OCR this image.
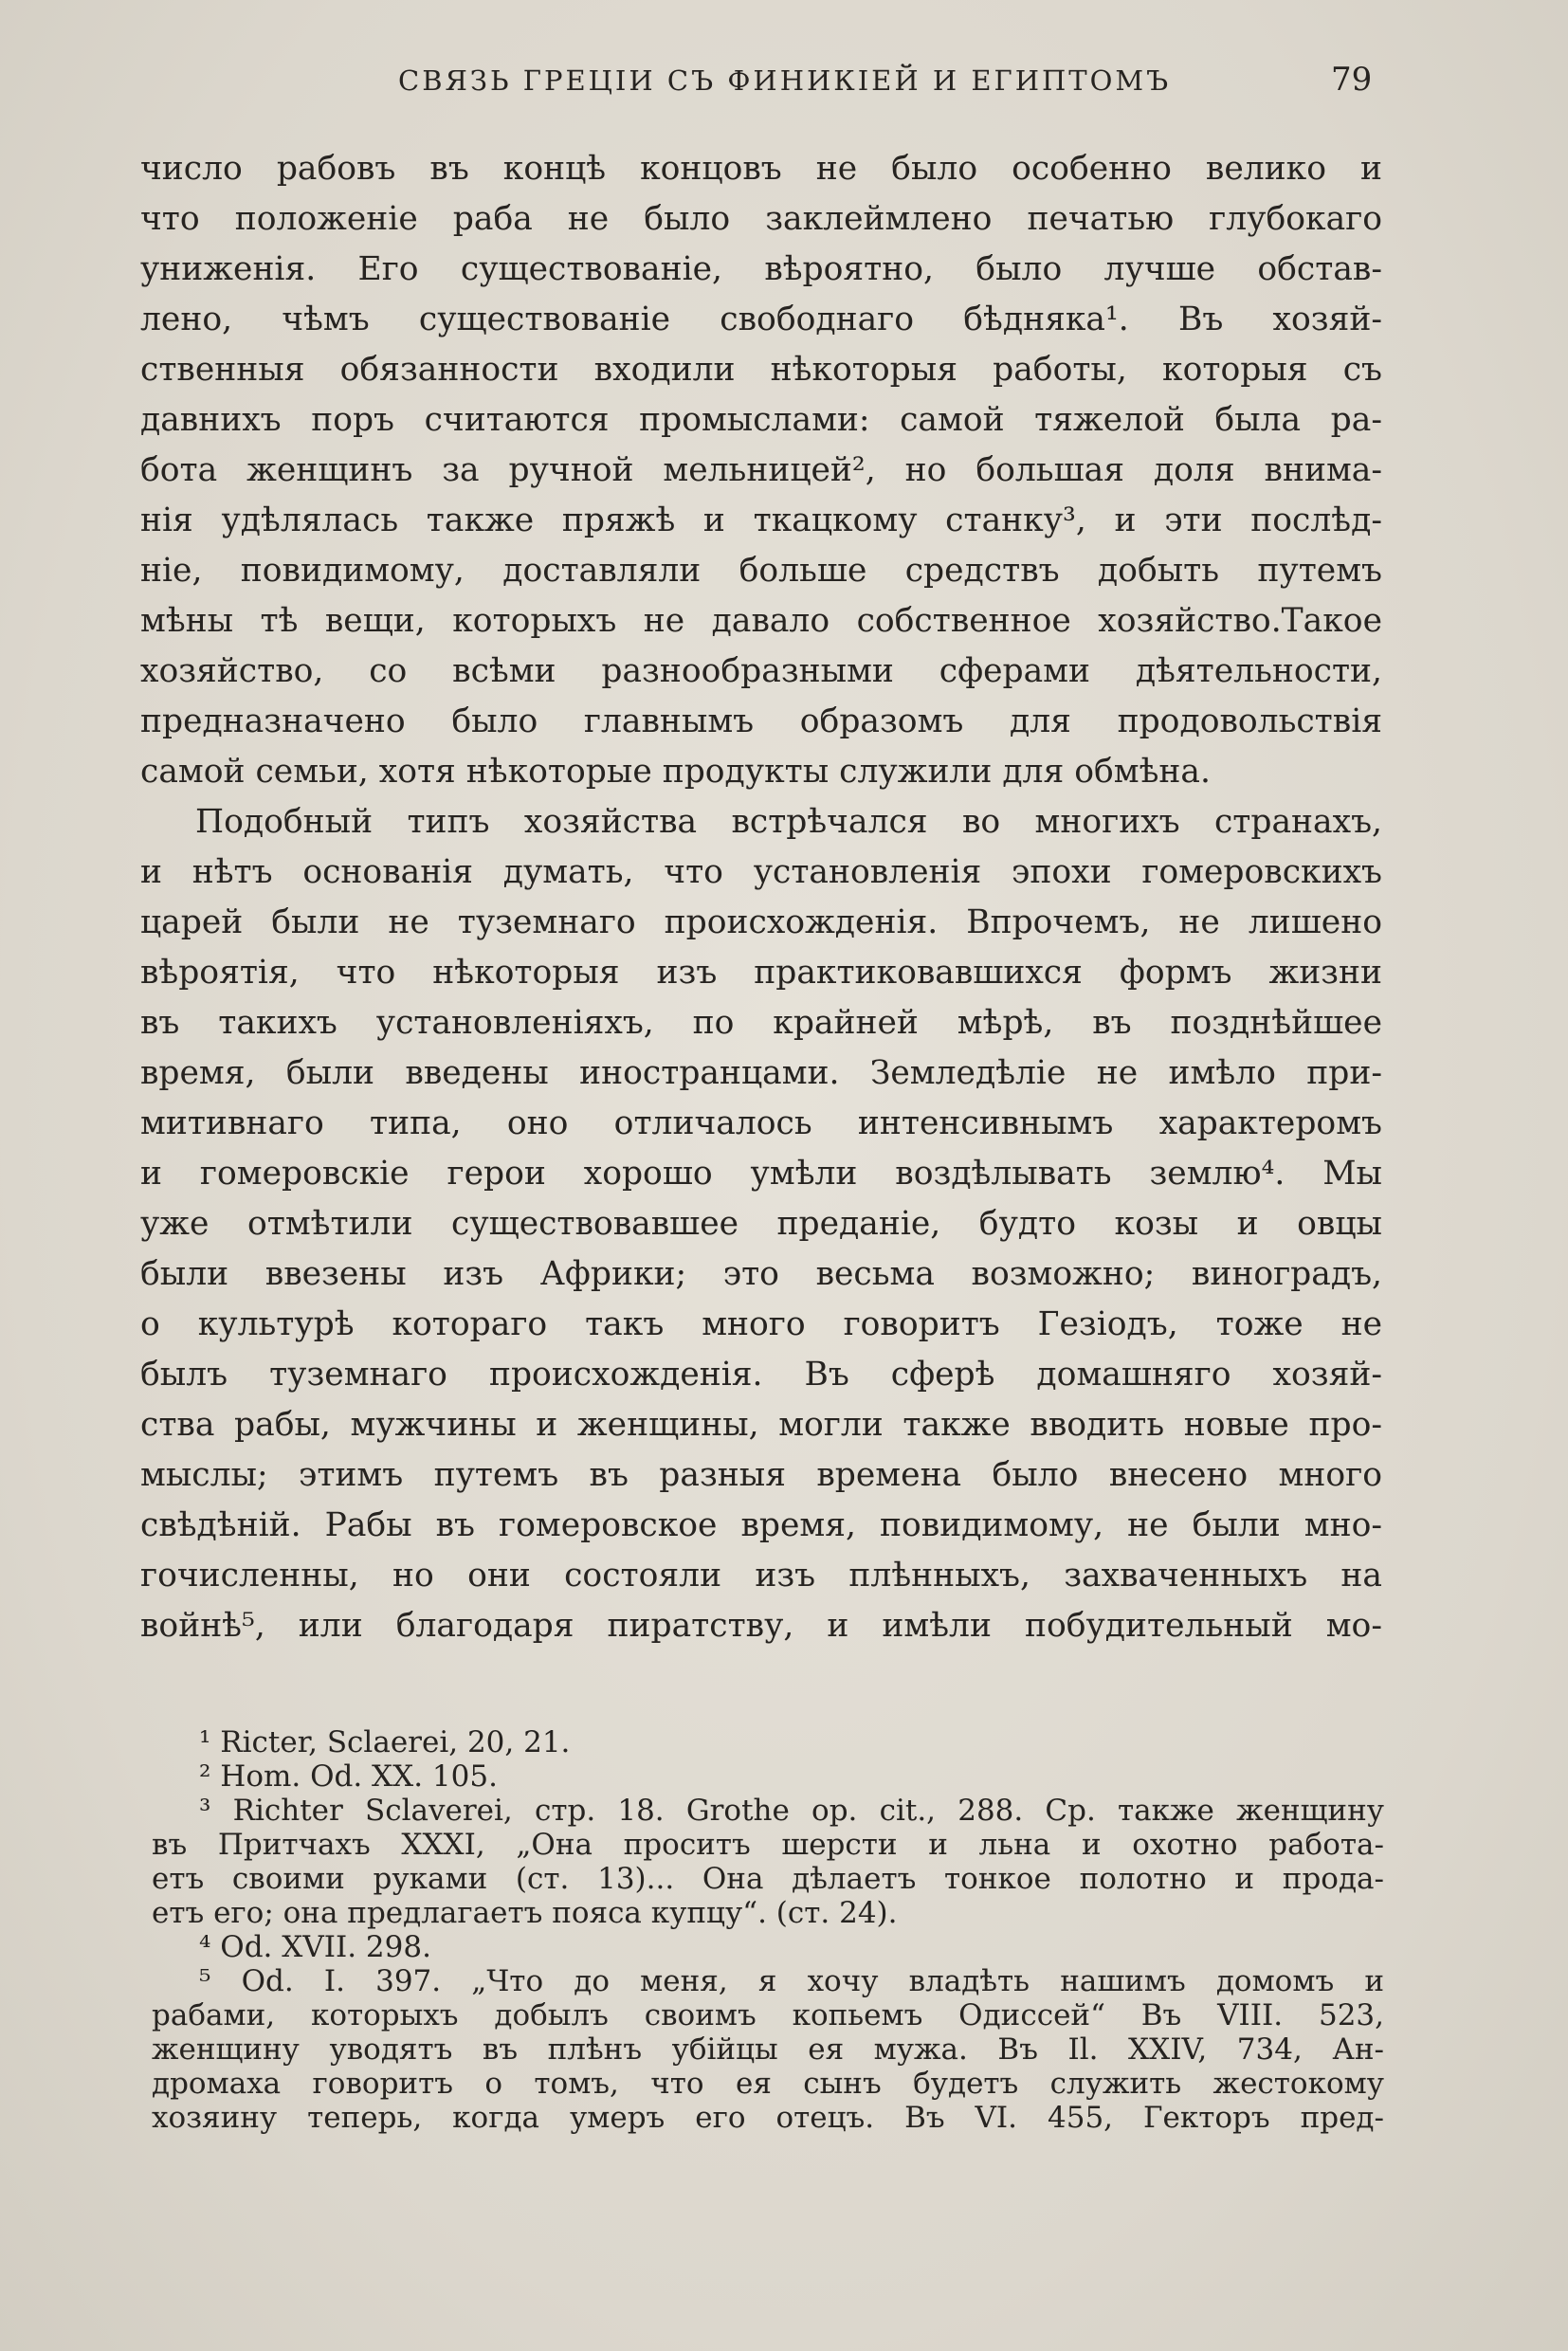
СВЯЗЬ ГРЕЦІИ СЪ ФИНИКІЕЙ И ЕГИПТОМЪ	79
число рабовъ въ концѣ концовъ не было особенно велико и
что положеніе раба не было заклеймлено печатью глубокаго
униженія. Его существованіе, вѣроятно, было лучше обстав-
лено, чѣмъ существованіе свободнаго бѣдняка¹. Въ хозяй-
ственныя обязанности входили нѣкоторыя работы, которыя съ
давнихъ поръ считаются промыслами: самой тяжелой была ра-
бота женщинъ за ручной мельницей², но большая доля внима-
нія удѣлялась также пряжѣ и ткацкому станку³, и эти послѣд-
ніе, повидимому, доставляли больше средствъ добыть путемъ
мѣны тѣ вещи, которыхъ не давало собственное хозяйство.Такое
хозяйство, со всѣми разнообразными сферами дѣятельности,
предназначено было главнымъ образомъ для продовольствія
самой семьи, хотя нѣкоторые продукты служили для обмѣна.
Подобный типъ хозяйства встрѣчался во многихъ странахъ,
и нѣтъ основанія думать, что установленія эпохи гомеровскихъ
царей были не туземнаго происхожденія. Впрочемъ, не лишено
вѣроятія, что нѣкоторыя изъ практиковавшихся формъ жизни
въ такихъ установленіяхъ, по крайней мѣрѣ, въ позднѣйшее
время, были введены иностранцами. Земледѣліе не имѣло при-
митивнаго типа, оно отличалось интенсивнымъ характеромъ
и гомеровскіе герои хорошо умѣли воздѣлывать землю⁴. Мы
уже отмѣтили существовавшее преданіе, будто козы и овцы
были ввезены изъ Африки; это весьма возможно; виноградъ,
о культурѣ котораго такъ много говоритъ Гезіодъ, тоже не
былъ туземнаго происхожденія. Въ сферѣ домашняго хозяй-
ства рабы, мужчины и женщины, могли также вводить новые про-
мыслы; этимъ путемъ въ разныя времена было внесено много
свѣдѣній. Рабы въ гомеровское время, повидимому, не были мно-
гочисленны, но они состояли изъ плѣнныхъ, захваченныхъ на
войнѣ⁵, или благодаря пиратству, и имѣли побудительный мо-
¹ Ricter, Sclaerei, 20, 21.
² Hom. Od. XX. 105.
³ Richter Sclaverei, стр. 18. Grothe op. cit., 288. Ср. также женщину
въ Притчахъ XXXI, „Она проситъ шерсти и льна и охотно работа-
етъ своими руками (ст. 13)... Она дѣлаетъ тонкое полотно и прода-
етъ его; она предлагаетъ пояса купцу“. (ст. 24).
⁴ Od. XVII. 298.
⁵ Od. I. 397. „Что до меня, я хочу владѣть нашимъ домомъ и
рабами, которыхъ добылъ своимъ копьемъ Одиссей“ Въ VIII. 523,
женщину уводятъ въ плѣнъ убійцы ея мужа. Въ Il. XXIV, 734, Ан-
дромаха говоритъ о томъ, что ея сынъ будетъ служить жестокому
хозяину теперь, когда умеръ его отецъ. Въ VI. 455, Гекторъ пред-
